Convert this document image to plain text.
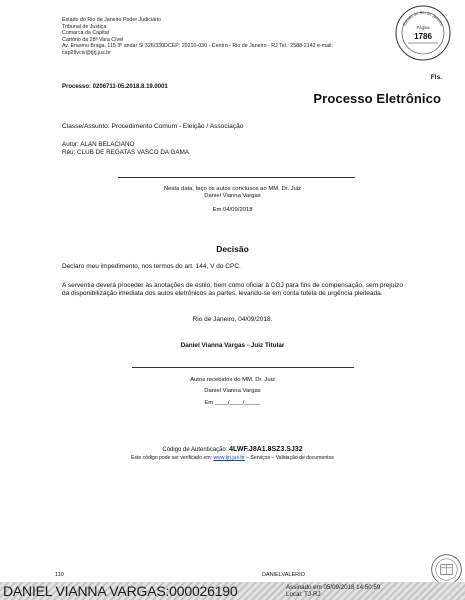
Estado do Rio de Janeiro Poder Judiciário
Tribunal de Justiça
Comarca da Capital
Cartório da 28ª Vara Cível
Av. Erasmo Braga, 115 3º andar Sl 326/330DCEP: 20210-030 - Centro - Rio de Janeiro - RJ Tel.: 2588-2142 e-mail:
cap28vciv@tjrj.jus.br
Estado do Rio de Janeiro
Página
1786
Fls.
Processo: 0206711-05.2018.8.19.0001
Processo Eletrônico
Classe/Assunto: Procedimento Comum - Eleição / Associação
Autor: ALAN BELACIANO
Réu: CLUB DE REGATAS VASCO DA GAMA
Nesta data, faço os autos conclusos ao MM. Dr. Juiz
Daniel Vianna Vargas
Em 04/09/2018
Decisão
Declaro meu impedimento, nos termos do art. 144, V do CPC.
A serventia deverá proceder às anotações de estilo, bem como oficiar à CGJ para fins de compensação, sem prejuízo da disponibilização imediata dos autos eletrônicos às partes, levando-se em conta tutela de urgência pleiteada.
Rio de Janeiro, 04/09/2018.
Daniel Vianna Vargas - Juiz Titular
Autos recebidos do MM. Dr. Juiz
Daniel Vianna Vargas
Em ____/____/_____
Código de Autenticação: 4LWF.J8A1.8SZ3.SJ32
Este código pode ser verificado em: www.tjrj.jus.br – Serviços – Validação de documentos
110	DANIELVALERIO
DANIEL VIANNA VARGAS:000026190	Assinado em 05/09/2018 14:50:59
Local: TJ-RJ
